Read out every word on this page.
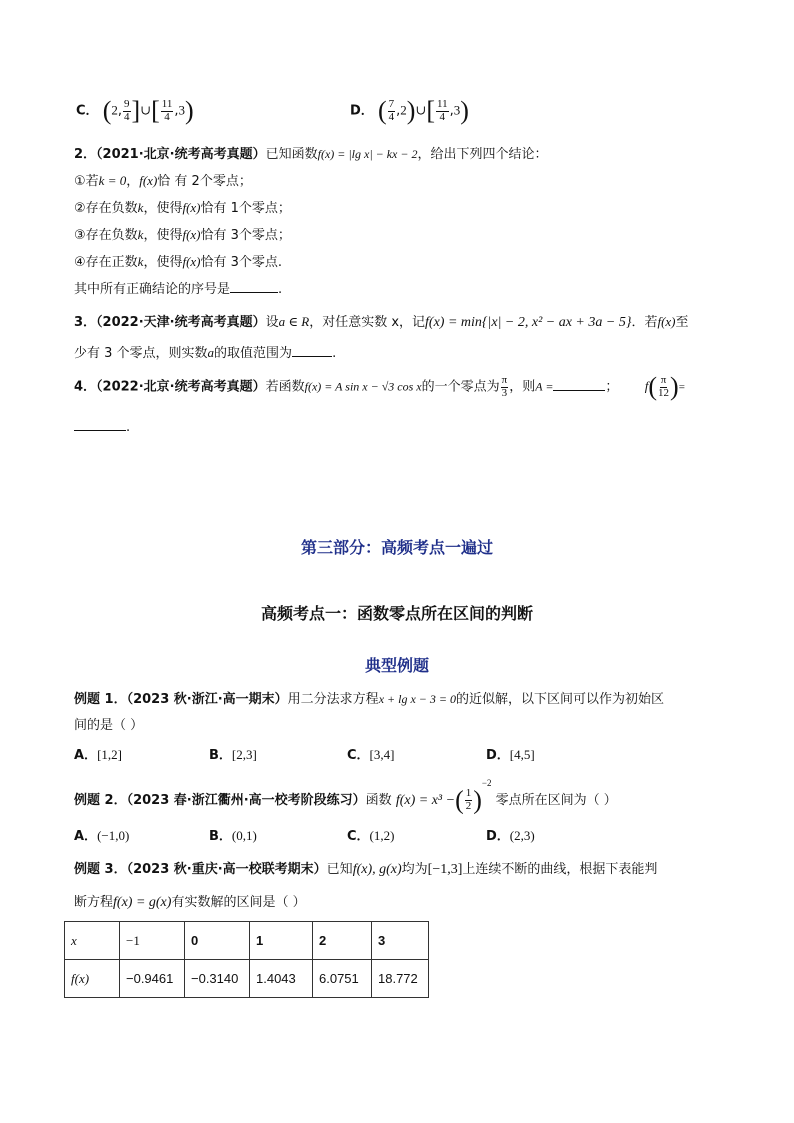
C． (2, $\frac{9}{4}$ ]∪[ $\frac{11}{4} ,3$)	D． ( $\frac{7}{4}$ ,2)∪[ $\frac{11}{4} ,3$)
2．（2021·北京·统考高考真题）已知函数f(x) = |lg x| − kx − 2，给出下列四个结论：
①若k = 0，f(x)恰 有 2个零点；
②存在负数k，使得f(x)恰有 1个零点；
③存在负数k，使得f(x)恰有 3个零点；
④存在正数k，使得f(x)恰有 3个零点.
其中所有正确结论的序号是	.
3．（2022·天津·统考高考真题）设a ∈ R，对任意实数 x，记f(x) = min{|x| − 2, x² − ax + 3a − 5}．若f(x)至
少有 3 个零点，则实数a的取值范围为	.
4．（2022·北京·统考高考真题）若函数f(x) = A sin x − √3 cos x的一个零点为 $\frac{\pi}{3}$ ，则A =	； $f( \frac{\pi}{12}$ )=
.
第三部分：高频考点一遍过
高频考点一：函数零点所在区间的判断
典型例题
例题 1．（2023 秋·浙江·高一期末）用二分法求方程x + lg x − 3 = 0的近似解，以下区间可以作为初始区
间的是（ ）
A．[1,2]	B．[2,3]	C．[3,4]	D．[4,5]
例题 2．（2023 春·浙江衢州·高一校考阶段练习）函数 f(x) = x³ −( $\frac{1}{2} )^{-2}$ 零点所在区间为（ ）
A．(−1,0)	B．(0,1)	C．(1,2)	D．(2,3)
例题 3．（2023 秋·重庆·高一校联考期末）已知f(x), g(x)均为[−1,3]上连续不断的曲线，根据下表能判
断方程f(x) = g(x)有实数解的区间是（ ）
x	−1	0	1	2	3
f(x)	−0.9461	−0.3140	1.4043	6.0751	18.772
